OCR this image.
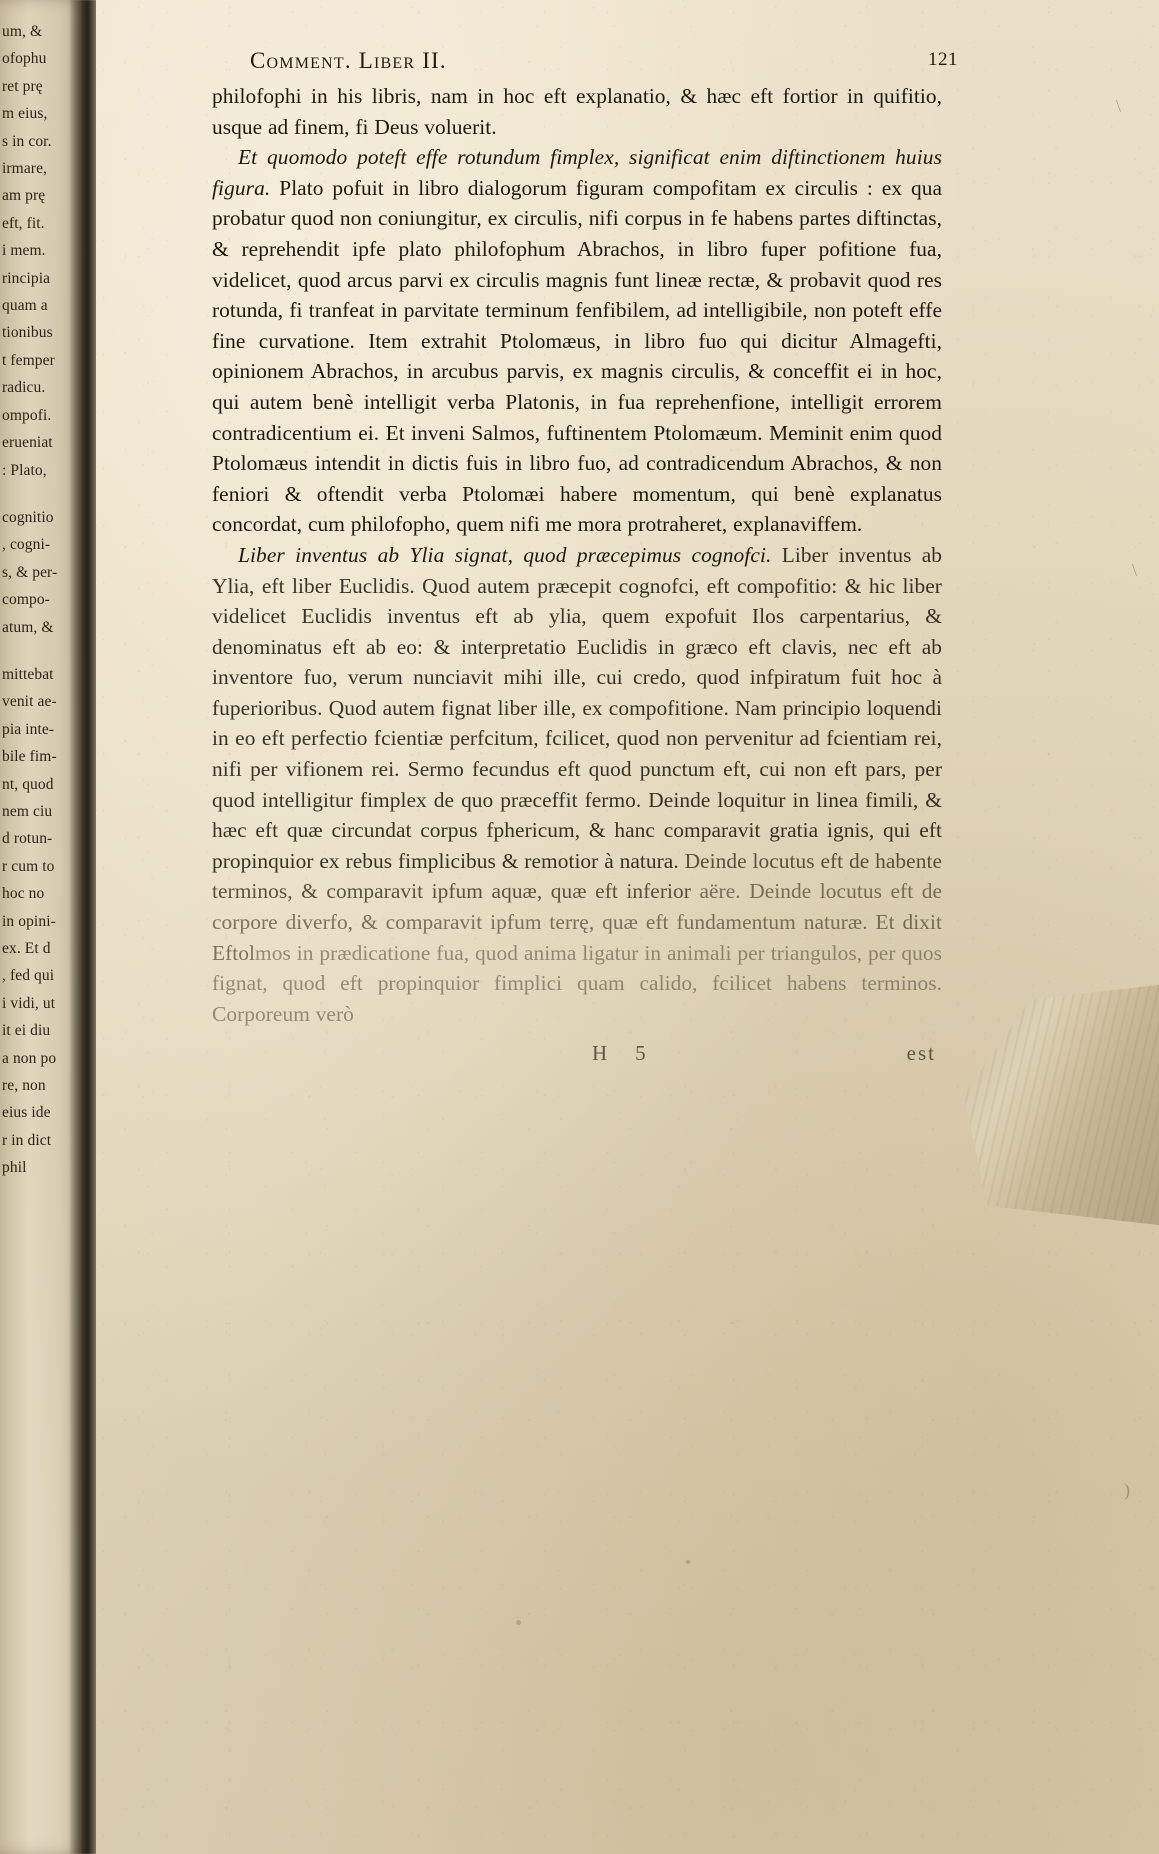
um, &
ofophu
ret prę
m eius,
s in cor.
irmare,
am prę
eft, fit.
i mem.
rincipia
quam a
tionibus
t femper
radicu.
ompofi.
erueniat
: Plato,

cognitio
, cogni-
s, & per-
compo-
atum, &

mittebat
venit ae-
pia inte-
bile fim-
nt, quod
nem ciu
d rotun-
r cum to
hoc no
in opini-
ex. Et d
, fed qui
i vidi, ut
it ei diu
a non po
re, non
eius ide
r in dict
phil
Comment. Liber II.	121

philofophi in his libris, nam in hoc eft explanatio, & hæc eft fortior in quifitio, usque ad finem, fi Deus voluerit.

Et quomodo poteft effe rotundum fimplex, significat enim diftinctionem huius figura. Plato pofuit in libro dialogorum figuram compofitam ex circulis : ex qua probatur quod non coniungitur, ex circulis, nifi corpus in fe habens partes diftinctas, & reprehendit ipfe plato philofophum Abrachos, in libro fuper pofitione fua, videlicet, quod arcus parvi ex circulis magnis funt lineæ rectæ, & probavit quod res rotunda, fi tranfeat in parvitate terminum fenfibilem, ad intelligibile, non poteft effe fine curvatione. Item extrahit Ptolomæus, in libro fuo qui dicitur Almagefti, opinionem Abrachos, in arcubus parvis, ex magnis circulis, & conceffit ei in hoc, qui autem benè intelligit verba Platonis, in fua reprehenfione, intelligit errorem contradicentium ei. Et inveni Salmos, fuftinentem Ptolomæum. Meminit enim quod Ptolomæus intendit in dictis fuis in libro fuo, ad contradicendum Abrachos, & non feniori & oftendit verba Ptolomæi habere momentum, qui benè explanatus concordat, cum philofopho, quem nifi me mora protraheret, explanaviffem.

Liber inventus ab Ylia signat, quod præcepimus cognofci. Liber inventus ab Ylia, eft liber Euclidis. Quod autem præcepit cognofci, eft compofitio: & hic liber videlicet Euclidis inventus eft ab ylia, quem expofuit Ilos carpentarius, & denominatus eft ab eo: & interpretatio Euclidis in græco eft clavis, nec eft ab inventore fuo, verum nunciavit mihi ille, cui credo, quod infpiratum fuit hoc à fuperioribus. Quod autem fignat liber ille, ex compofitione. Nam principio loquendi in eo eft perfectio fcientiæ perfcitum, fcilicet, quod non pervenitur ad fcientiam rei, nifi per vifionem rei. Sermo fecundus eft quod punctum eft, cui non eft pars, per quod intelligitur fimplex de quo præceffit fermo. Deinde loquitur in linea fimili, & hæc eft quæ circundat corpus fphericum, & hanc comparavit gratia ignis, qui eft propinquior ex rebus fimplicibus & remotior à natura. Deinde locutus eft de habente terminos, & comparavit ipfum aquæ, quæ eft inferior aëre. Deinde locutus eft de corpore diverfo, & comparavit ipfum terrę, quæ eft fundamentum naturæ. Et dixit Eftolmos in prædicatione fua, quod anima ligatur in animali per triangulos, per quos fignat, quod eft propinquior fimplici quam calido, fcilicet habens terminos. Corporeum verò

H 5	est
\
\
)
